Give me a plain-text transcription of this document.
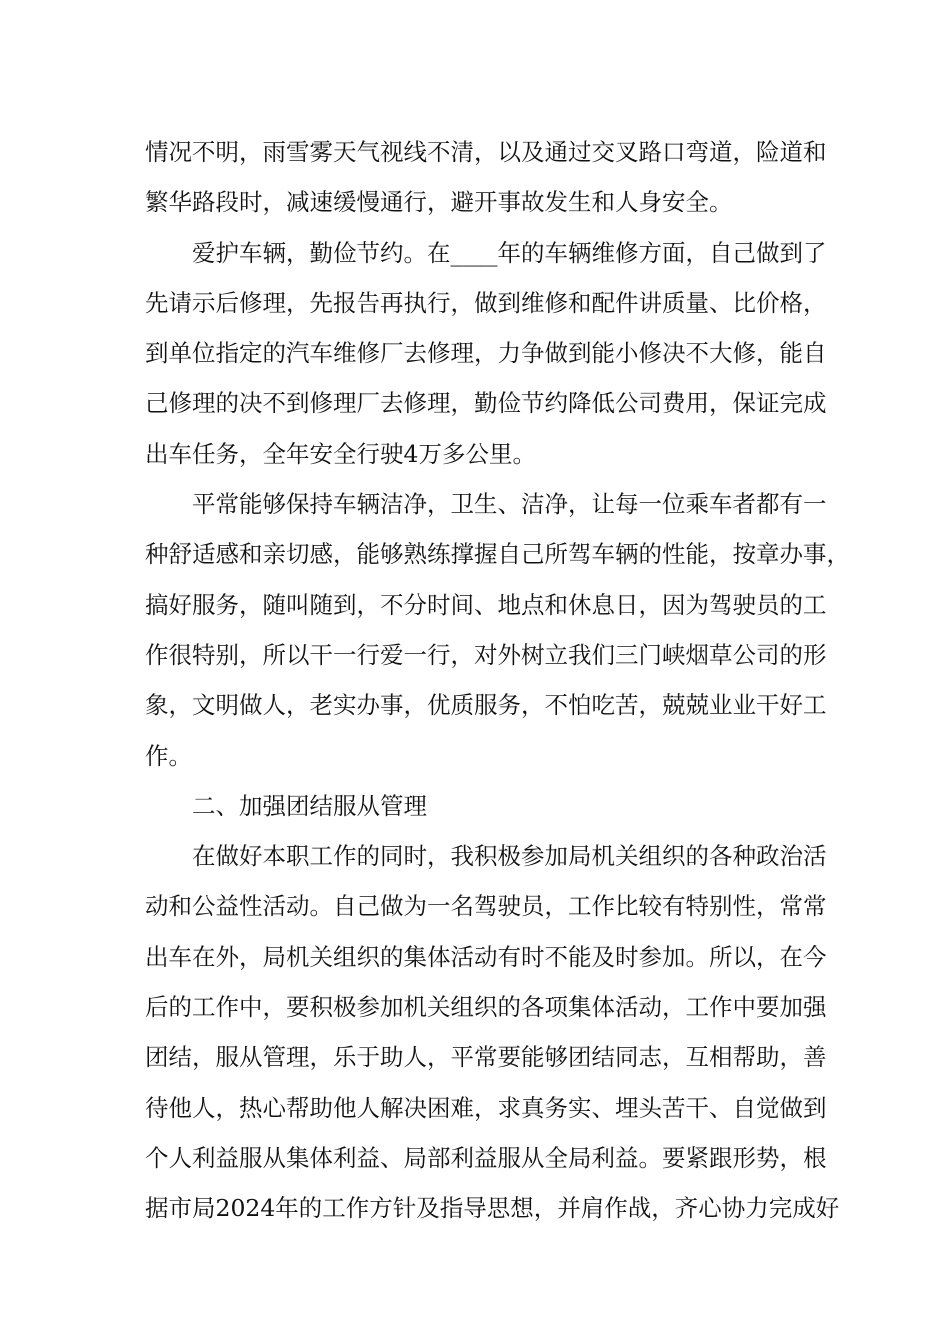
情况不明，雨雪雾天气视线不清，以及通过交叉路口弯道，险道和
繁华路段时，减速缓慢通行，避开事故发生和人身安全。
爱护车辆，勤俭节约。在____年的车辆维修方面，自己做到了
先请示后修理，先报告再执行，做到维修和配件讲质量、比价格，
到单位指定的汽车维修厂去修理，力争做到能小修决不大修，能自
己修理的决不到修理厂去修理，勤俭节约降低公司费用，保证完成
出车任务，全年安全行驶4万多公里。
平常能够保持车辆洁净，卫生、洁净，让每一位乘车者都有一
种舒适感和亲切感，能够熟练撑握自己所驾车辆的性能，按章办事，
搞好服务，随叫随到，不分时间、地点和休息日，因为驾驶员的工
作很特别，所以干一行爱一行，对外树立我们三门峡烟草公司的形
象，文明做人，老实办事，优质服务，不怕吃苦，兢兢业业干好工
作。
二、加强团结服从管理
在做好本职工作的同时，我积极参加局机关组织的各种政治活
动和公益性活动。自己做为一名驾驶员，工作比较有特别性，常常
出车在外，局机关组织的集体活动有时不能及时参加。所以，在今
后的工作中，要积极参加机关组织的各项集体活动，工作中要加强
团结，服从管理，乐于助人，平常要能够团结同志，互相帮助，善
待他人，热心帮助他人解决困难，求真务实、埋头苦干、自觉做到
个人利益服从集体利益、局部利益服从全局利益。要紧跟形势，根
据市局2024年的工作方针及指导思想，并肩作战，齐心协力完成好
